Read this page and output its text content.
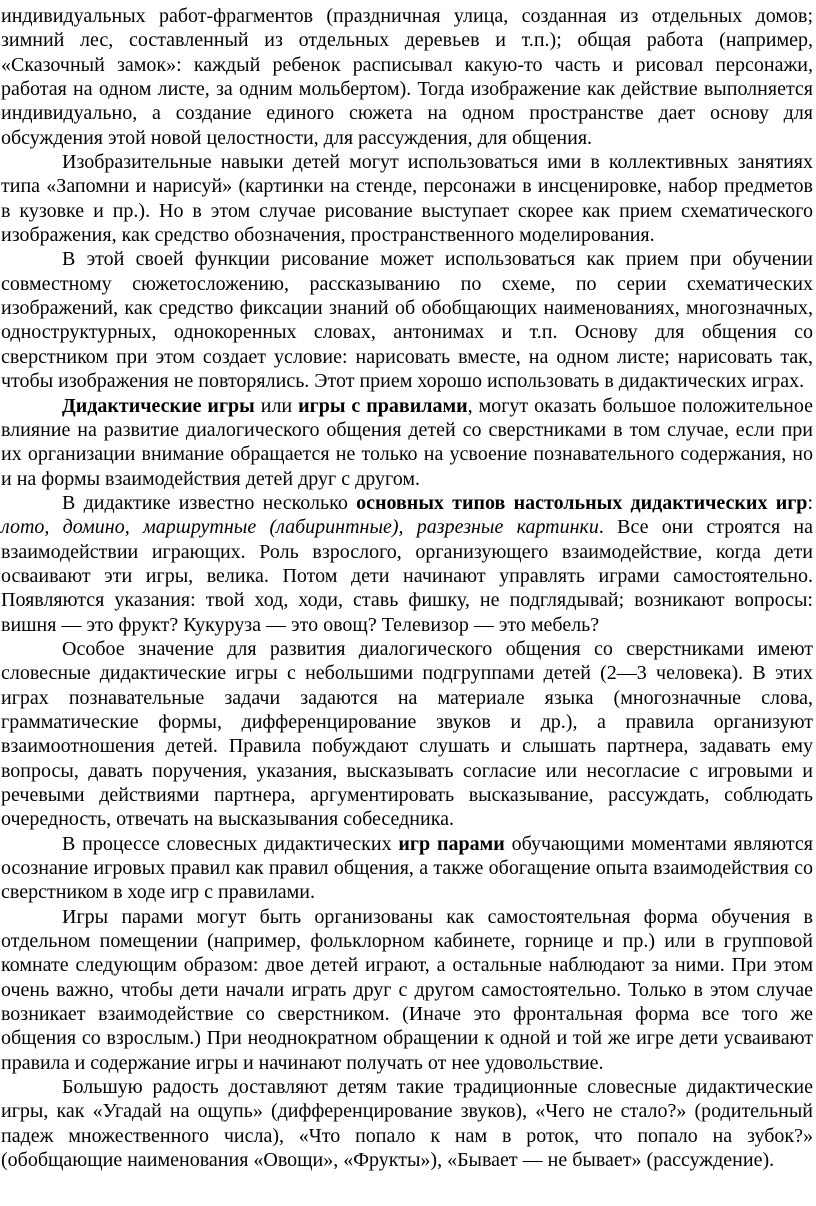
индивидуальных работ-фрагментов (праздничная улица, созданная из отдельных домов; зимний лес, составленный из отдельных деревьев и т.п.); общая работа (например, «Сказочный замок»: каждый ребенок расписывал какую-то часть и рисовал персонажи, работая на одном листе, за одним мольбертом). Тогда изображение как действие выполняется индивидуально, а создание единого сюжета на одном пространстве дает основу для обсуждения этой новой целостности, для рассуждения, для общения.

Изобразительные навыки детей могут использоваться ими в коллективных занятиях типа «Запомни и нарисуй» (картинки на стенде, персонажи в инсценировке, набор предметов в кузовке и пр.). Но в этом случае рисование выступает скорее как прием схематического изображения, как средство обозначения, пространственного моделирования.

В этой своей функции рисование может использоваться как прием при обучении совместному сюжетосложению, рассказыванию по схеме, по серии схематических изображений, как средство фиксации знаний об обобщающих наименованиях, многозначных, одноструктурных, однокоренных словах, антонимах и т.п. Основу для общения со сверстником при этом создает условие: нарисовать вместе, на одном листе; нарисовать так, чтобы изображения не повторялись. Этот прием хорошо использовать в дидактических играх.

Дидактические игры или игры с правилами, могут оказать большое положительное влияние на развитие диалогического общения детей со сверстниками в том случае, если при их организации внимание обращается не только на усвоение познавательного содержания, но и на формы взаимодействия детей друг с другом.

В дидактике известно несколько основных типов настольных дидактических игр: лото, домино, маршрутные (лабиринтные), разрезные картинки. Все они строятся на взаимодействии играющих. Роль взрослого, организующего взаимодействие, когда дети осваивают эти игры, велика. Потом дети начинают управлять играми самостоятельно. Появляются указания: твой ход, ходи, ставь фишку, не подглядывай; возникают вопросы: вишня — это фрукт? Кукуруза — это овощ? Телевизор — это мебель?

Особое значение для развития диалогического общения со сверстниками имеют словесные дидактические игры с небольшими подгруппами детей (2—3 человека). В этих играх познавательные задачи задаются на материале языка (многозначные слова, грамматические формы, дифференцирование звуков и др.), а правила организуют взаимоотношения детей. Правила побуждают слушать и слышать партнера, задавать ему вопросы, давать поручения, указания, высказывать согласие или несогласие с игровыми и речевыми действиями партнера, аргументировать высказывание, рассуждать, соблюдать очередность, отвечать на высказывания собеседника.

В процессе словесных дидактических игр парами обучающими моментами являются осознание игровых правил как правил общения, а также обогащение опыта взаимодействия со сверстником в ходе игр с правилами.

Игры парами могут быть организованы как самостоятельная форма обучения в отдельном помещении (например, фольклорном кабинете, горнице и пр.) или в групповой комнате следующим образом: двое детей играют, а остальные наблюдают за ними. При этом очень важно, чтобы дети начали играть друг с другом самостоятельно. Только в этом случае возникает взаимодействие со сверстником. (Иначе это фронтальная форма все того же общения со взрослым.) При неоднократном обращении к одной и той же игре дети усваивают правила и содержание игры и начинают получать от нее удовольствие.

Большую радость доставляют детям такие традиционные словесные дидактические игры, как «Угадай на ощупь» (дифференцирование звуков), «Чего не стало?» (родительный падеж множественного числа), «Что попало к нам в роток, что попало на зубок?» (обобщающие наименования «Овощи», «Фрукты»), «Бывает — не бывает» (рассуждение).
